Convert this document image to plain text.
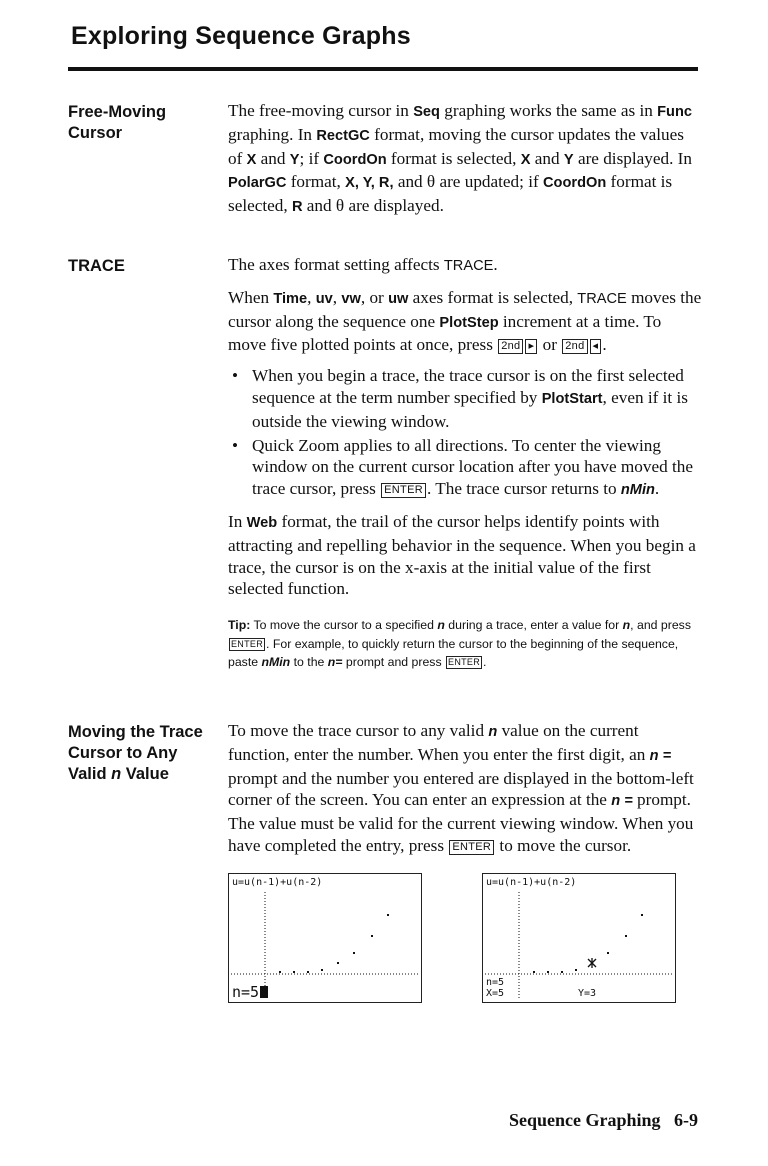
Exploring Sequence Graphs
Free-Moving
Cursor

The free-moving cursor in Seq graphing works the same as in Func graphing. In RectGC format, moving the cursor updates the values of X and Y; if CoordOn format is selected, X and Y are displayed. In PolarGC format, X, Y, R, and θ are updated; if CoordOn format is selected, R and θ are displayed.

TRACE	The axes format setting affects TRACE.

When Time, uv, vw, or uw axes format is selected, TRACE moves the cursor along the sequence one PlotStep increment at a time. To move five plotted points at once, press 2nd ▸ or 2nd ◂ .

• When you begin a trace, the trace cursor is on the first selected sequence at the term number specified by PlotStart, even if it is outside the viewing window.
• Quick Zoom applies to all directions. To center the viewing window on the current cursor location after you have moved the trace cursor, press ENTER . The trace cursor returns to nMin.

In Web format, the trail of the cursor helps identify points with attracting and repelling behavior in the sequence. When you begin a trace, the cursor is on the x-axis at the initial value of the first selected function.

Tip: To move the cursor to a specified n during a trace, enter a value for n, and press ENTER . For example, to quickly return the cursor to the beginning of the sequence, paste nMin to the n= prompt and press ENTER .

Moving the Trace
Cursor to Any
Valid n Value

To move the trace cursor to any valid n value on the current function, enter the number. When you enter the first digit, an n = prompt and the number you entered are displayed in the bottom-left corner of the screen. You can enter an expression at the n = prompt. The value must be valid for the current viewing window. When you have completed the entry, press ENTER to move the cursor.

u=u(n-1)+u(n-2)
n=5
u=u(n-1)+u(n-2)
n=5
X=5	Y=3
Sequence Graphing 6-9
